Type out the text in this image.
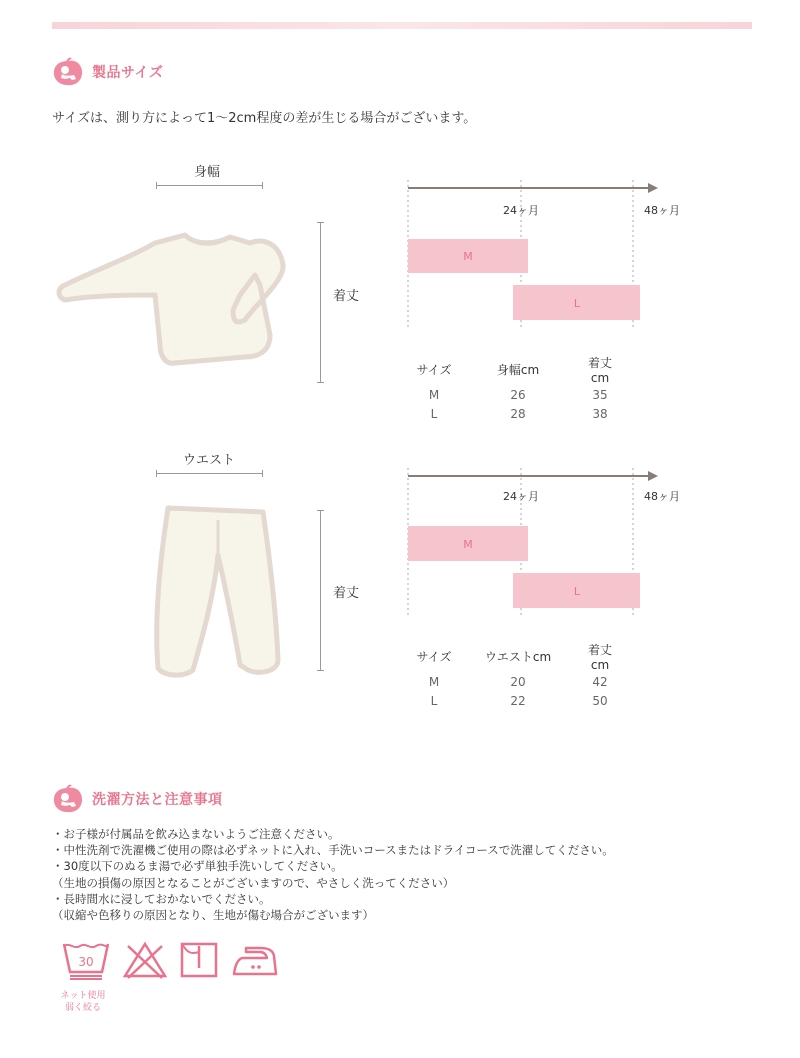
製品サイズ
サイズは、測り方によって1～2cm程度の差が生じる場合がございます。
身幅
着丈
24ヶ月	48ヶ月
M
L
サイズ	身幅cm	着丈cm
M	26	35
L	28	38
ウエスト
着丈
24ヶ月	48ヶ月
M
L
サイズ	ウエストcm	着丈cm
M	20	42
L	22	50
洗濯方法と注意事項
・お子様が付属品を飲み込まないようご注意ください。
・中性洗剤で洗濯機ご使用の際は必ずネットに入れ、手洗いコースまたはドライコースで洗濯してください。
・30度以下のぬるま湯で必ず単独手洗いしてください。
（生地の損傷の原因となることがございますので、やさしく洗ってください）
・長時間水に浸しておかないでください。
（収縮や色移りの原因となり、生地が傷む場合がございます）
30
ネット使用
弱く絞る
